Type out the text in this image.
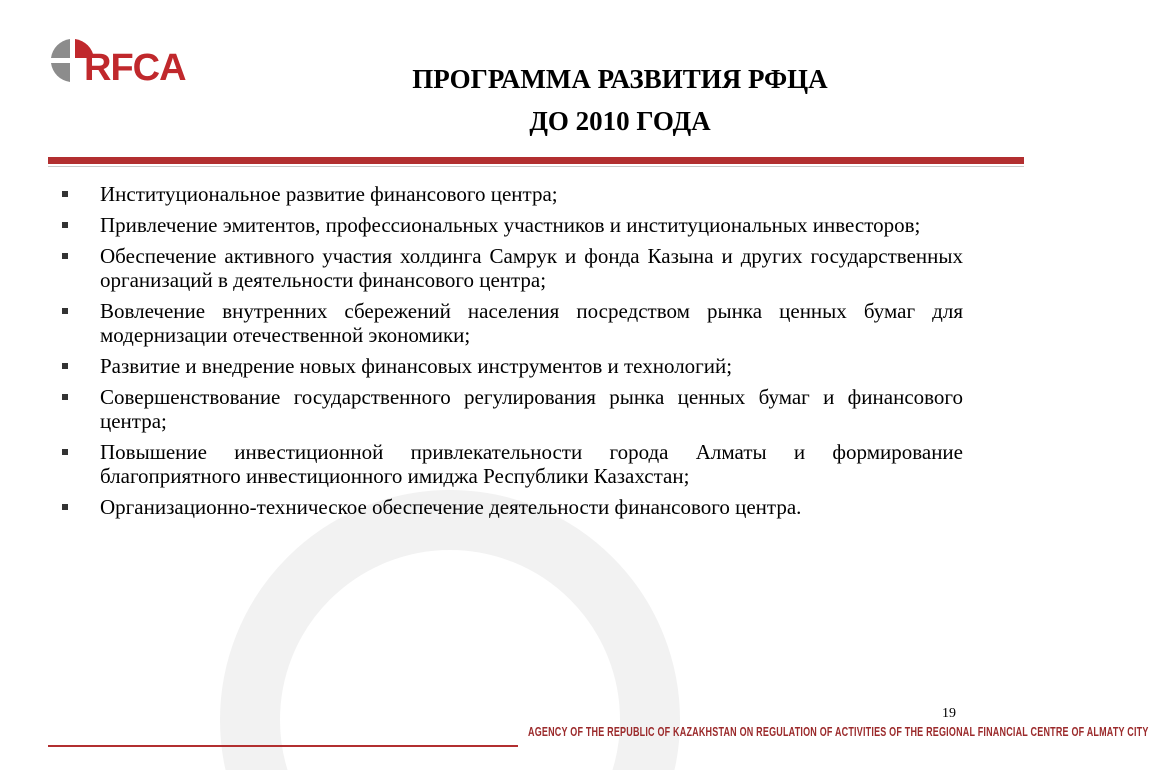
RFCA	ПРОГРАММА РАЗВИТИЯ РФЦА
ДО 2010 ГОДА
Институциональное развитие финансового центра;
Привлечение эмитентов, профессиональных участников и институциональных инвесторов;
Обеспечение активного участия холдинга Самрук и фонда Казына и других государственных организаций в деятельности финансового центра;
Вовлечение внутренних сбережений населения посредством рынка ценных бумаг для модернизации отечественной экономики;
Развитие и внедрение новых финансовых инструментов и технологий;
Совершенствование государственного регулирования рынка ценных бумаг и финансового центра;
Повышение инвестиционной привлекательности города Алматы и формирование благоприятного инвестиционного имиджа Республики Казахстан;
Организационно-техническое обеспечение деятельности финансового центра.
19
AGENCY OF THE REPUBLIC OF KAZAKHSTAN ON REGULATION OF ACTIVITIES OF THE REGIONAL FINANCIAL CENTRE OF ALMATY CITY
